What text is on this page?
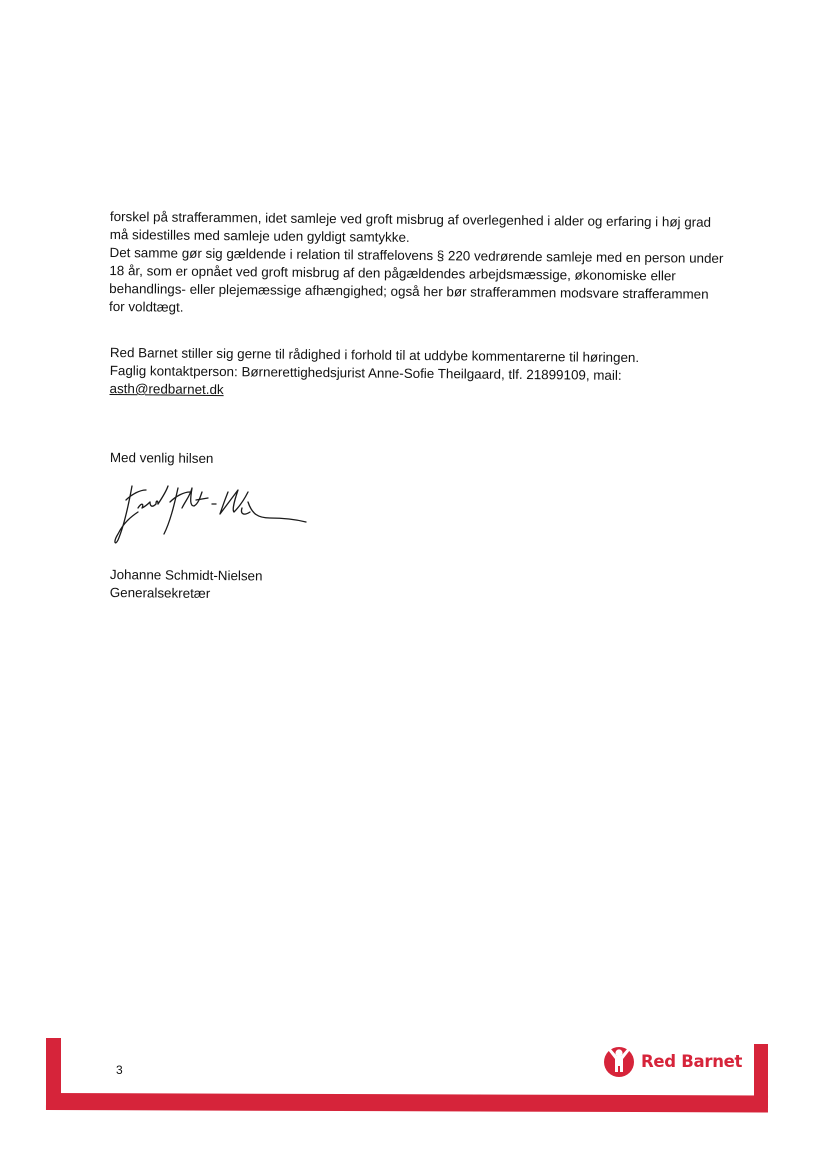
forskel på strafferammen, idet samleje ved groft misbrug af overlegenhed i alder og erfaring i høj grad

må sidestilles med samleje uden gyldigt samtykke.

Det samme gør sig gældende i relation til straffelovens § 220 vedrørende samleje med en person under

18 år, som er opnået ved groft misbrug af den pågældendes arbejdsmæssige, økonomiske eller

behandlings- eller plejemæssige afhængighed; også her bør strafferammen modsvare strafferammen

for voldtægt.

Red Barnet stiller sig gerne til rådighed i forhold til at uddybe kommentarerne til høringen.

Faglig kontaktperson: Børnerettighedsjurist Anne-Sofie Theilgaard, tlf. 21899109, mail:

asth@redbarnet.dk

Med venlig hilsen

Johanne Schmidt-Nielsen

Generalsekretær

3	Red Barnet
